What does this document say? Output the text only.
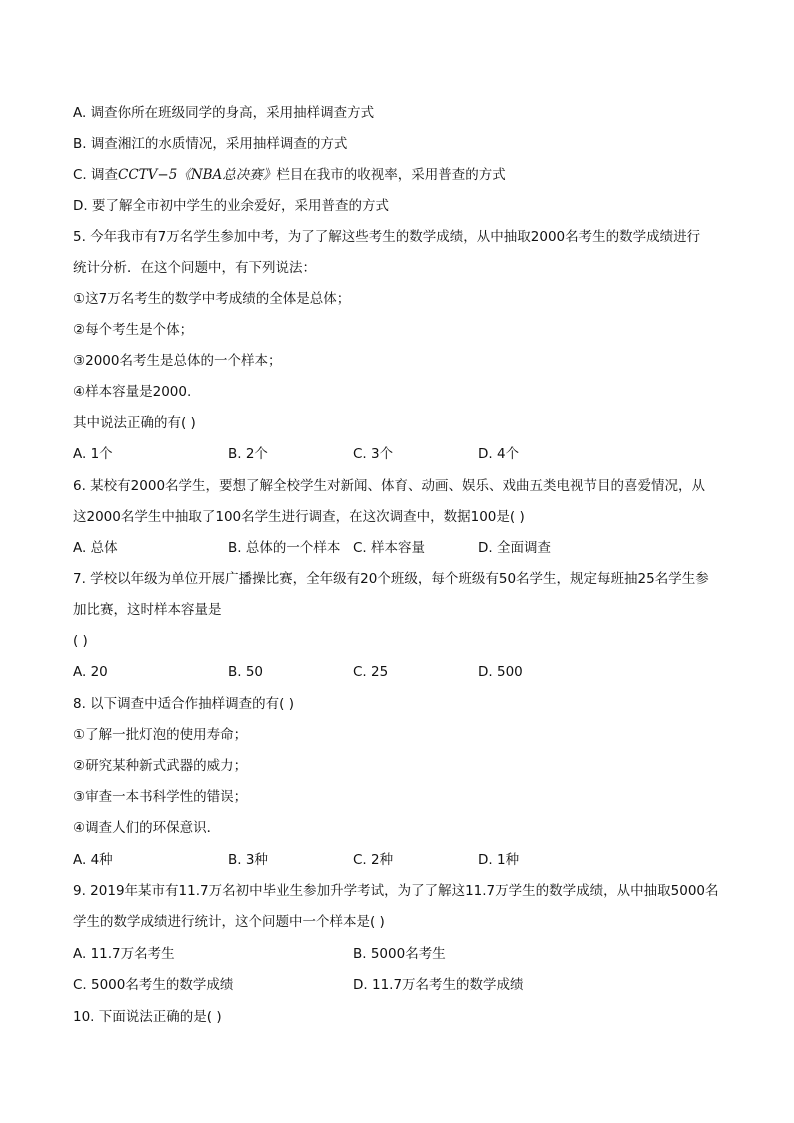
A. 调查你所在班级同学的身高，采用抽样调查方式
B. 调查湘江的水质情况，采用抽样调查的方式
C. 调查CCTV−5《NBA总决赛》栏目在我市的收视率，采用普查的方式
D. 要了解全市初中学生的业余爱好，采用普查的方式
5. 今年我市有7万名学生参加中考，为了了解这些考生的数学成绩，从中抽取2000名考生的数学成绩进行
统计分析．在这个问题中，有下列说法：
①这7万名考生的数学中考成绩的全体是总体；
②每个考生是个体；
③2000名考生是总体的一个样本；
④样本容量是2000.
其中说法正确的有( )
A. 1个	B. 2个	C. 3个	D. 4个
6. 某校有2000名学生，要想了解全校学生对新闻、体育、动画、娱乐、戏曲五类电视节目的喜爱情况，从
这2000名学生中抽取了100名学生进行调查，在这次调查中，数据100是( )
A. 总体	B. 总体的一个样本 C. 样本容量	D. 全面调查
7. 学校以年级为单位开展广播操比赛，全年级有20个班级，每个班级有50名学生，规定每班抽25名学生参
加比赛，这时样本容量是
( )
A. 20	B. 50	C. 25	D. 500
8. 以下调查中适合作抽样调查的有( )
①了解一批灯泡的使用寿命；
②研究某种新式武器的威力；
③审查一本书科学性的错误；
④调查人们的环保意识．
A. 4种	B. 3种	C. 2种	D. 1种
9. 2019年某市有11.7万名初中毕业生参加升学考试，为了了解这11.7万学生的数学成绩，从中抽取5000名
学生的数学成绩进行统计，这个问题中一个样本是( )
A. 11.7万名考生	B. 5000名考生
C. 5000名考生的数学成绩	D. 11.7万名考生的数学成绩
10. 下面说法正确的是( )
